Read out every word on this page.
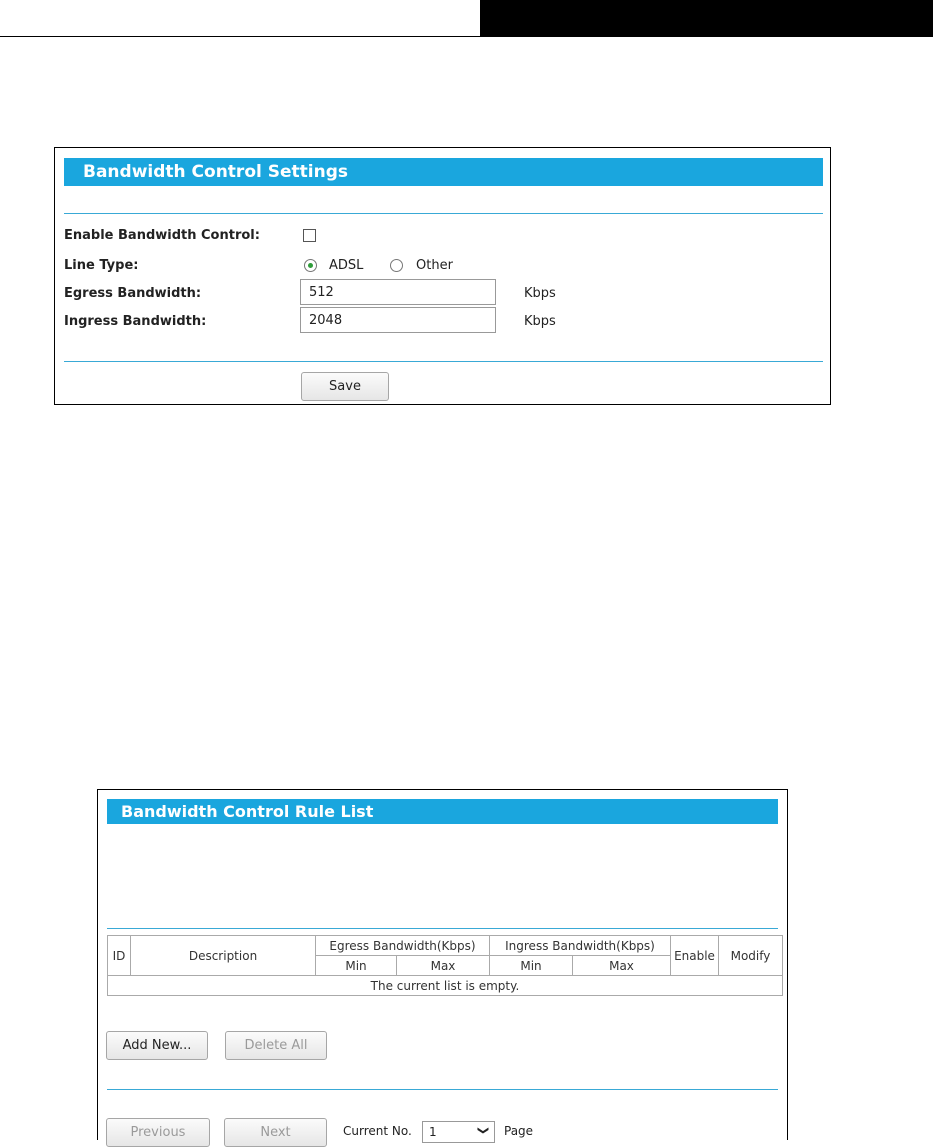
Bandwidth Control Settings
Enable Bandwidth Control:
Line Type:	ADSL	Other
Egress Bandwidth:
512	Kbps
Ingress Bandwidth:
2048	Kbps
Save
Bandwidth Control Rule List
ID	Description	Egress Bandwidth(Kbps)		Ingress Bandwidth(Kbps)		Enable	Modify
		Min	Max	Min	Max		
The current list is empty.							
Add New...	Delete All
Previous	Next	Current No. 1	❯ Page
